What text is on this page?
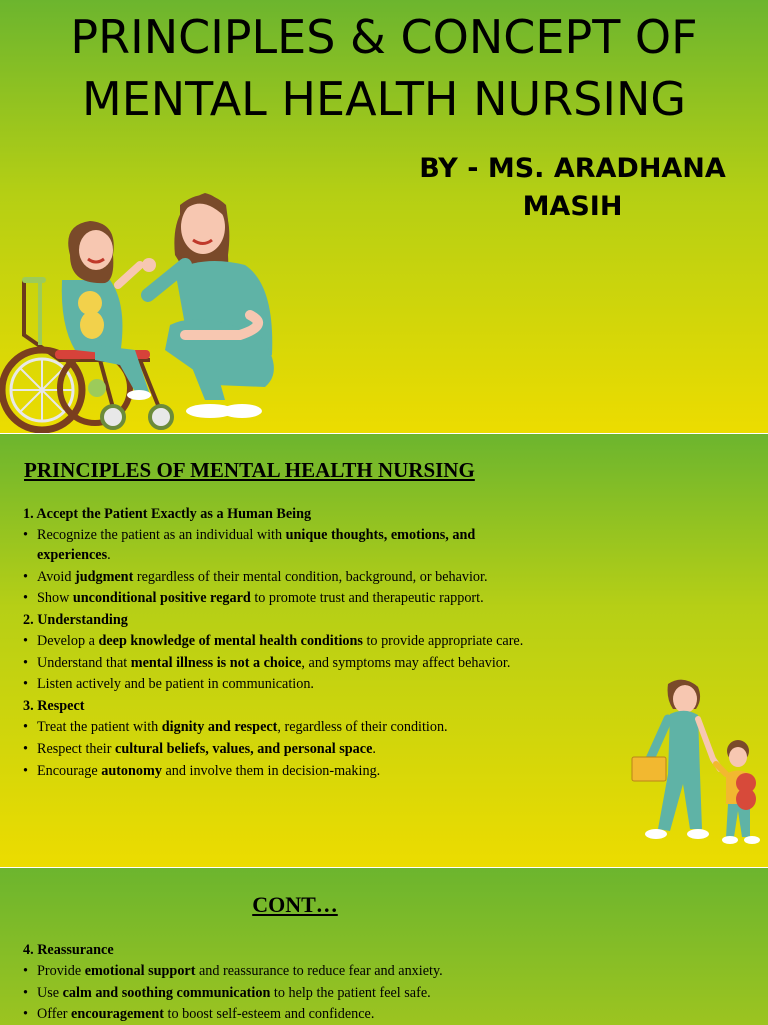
PRINCIPLES & CONCEPT OF
MENTAL HEALTH NURSING
BY - MS. ARADHANA
MASIH
PRINCIPLES OF MENTAL HEALTH NURSING
1. Accept the Patient Exactly as a Human Being
• Recognize the patient as an individual with unique thoughts, emotions, and experiences.
• Avoid judgment regardless of their mental condition, background, or behavior.
• Show unconditional positive regard to promote trust and therapeutic rapport.
2. Understanding
• Develop a deep knowledge of mental health conditions to provide appropriate care.
• Understand that mental illness is not a choice, and symptoms may affect behavior.
• Listen actively and be patient in communication.
3. Respect
• Treat the patient with dignity and respect, regardless of their condition.
• Respect their cultural beliefs, values, and personal space.
• Encourage autonomy and involve them in decision-making.
CONT…
4. Reassurance
• Provide emotional support and reassurance to reduce fear and anxiety.
• Use calm and soothing communication to help the patient feel safe.
• Offer encouragement to boost self-esteem and confidence.
